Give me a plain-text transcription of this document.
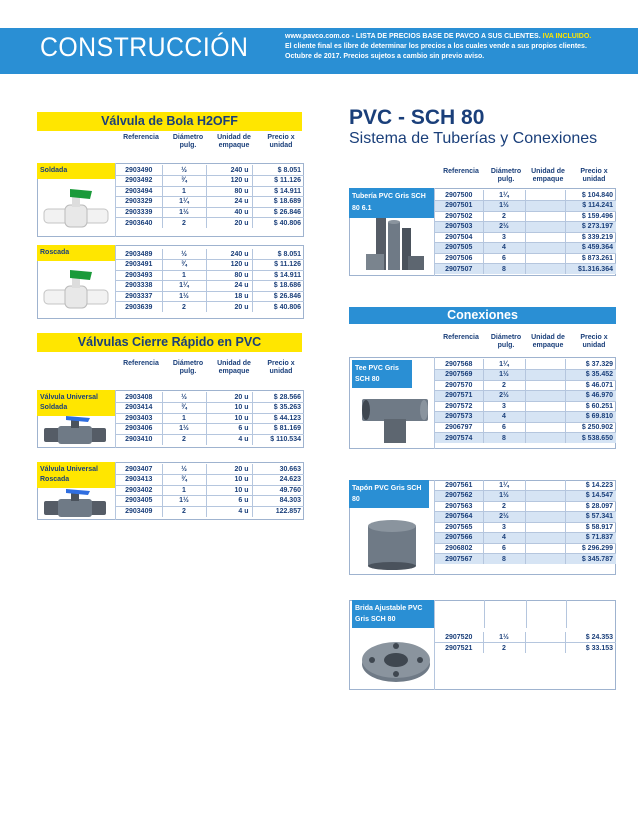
CONSTRUCCIÓN	www.pavco.com.co - LISTA DE PRECIOS BASE DE PAVCO A SUS CLIENTES. IVA INCLUIDO.
El cliente final es libre de determinar los precios a los cuales vende a sus propios clientes.
Octubre de 2017. Precios sujetos a cambio sin previo aviso.
Válvula de Bola H2OFF
Referencia	Diámetro pulg.
Unidad de empaque
Precio x unidad
Soldada	2903490	½	240 u	$ 8.051
2903492	¾	120 u	$ 11.126
2903494	1	80 u	$ 14.911
2903329	1¼	24 u	$ 18.689
2903339	1½	40 u	$ 26.846
2903640	2	20 u	$ 40.806
Roscada	2903489	½	240 u	$ 8.051
2903491	¾	120 u	$ 11.126
2903493	1	80 u	$ 14.911
2903338	1¼	24 u	$ 18.686
2903337	1½	18 u	$ 26.846
2903639	2	20 u	$ 40.806
Válvulas Cierre Rápido en PVC
Referencia	Diámetro pulg.
Unidad de empaque
Precio x unidad
Válvula Universal Soldada
2903408	½	20 u	$ 28.566
2903414	¾	10 u	$ 35.263
2903403	1	10 u	$ 44.123
2903406	1½	6 u	$ 81.169
2903410	2	4 u	$ 110.534
Válvula Universal Roscada
2903407	½	20 u	30.663
2903413	¾	10 u	24.623
2903402	1	10 u	49.760
2903405	1½	6 u	84.303
2903409	2	4 u	122.857
PVC - SCH 80
Sistema de Tuberías y Conexiones
Referencia	Diámetro pulg.
Unidad de empaque
Precio x unidad
Tubería PVC Gris SCH 80 6.1
2907500	1¼		$ 104.840
2907501	1½		$ 114.241
2907502	2		$ 159.496
2907503	2½		$ 273.197
2907504	3		$ 339.219
2907505	4		$ 459.364
2907506	6		$ 873.261
2907507	8		$1.316.364
Conexiones
Referencia	Diámetro pulg.
Unidad de empaque
Precio x unidad
Tee PVC Gris SCH 80
2907568	1¼		$ 37.329
2907569	1½		$ 35.452
2907570	2		$ 46.071
2907571	2½		$ 46.970
2907572	3		$ 60.251
2907573	4		$ 69.810
2906797	6		$ 250.902
2907574	8		$ 538.650
Tapón PVC Gris SCH 80
2907561	1¼		$ 14.223
2907562	1½		$ 14.547
2907563	2		$ 28.097
2907564	2½		$ 57.341
2907565	3		$ 58.917
2907566	4		$ 71.837
2906802	6		$ 296.299
2907567	8		$ 345.787
Brida Ajustable PVC Gris SCH 80
2907520	1½		$ 24.353
2907521	2		$ 33.153
